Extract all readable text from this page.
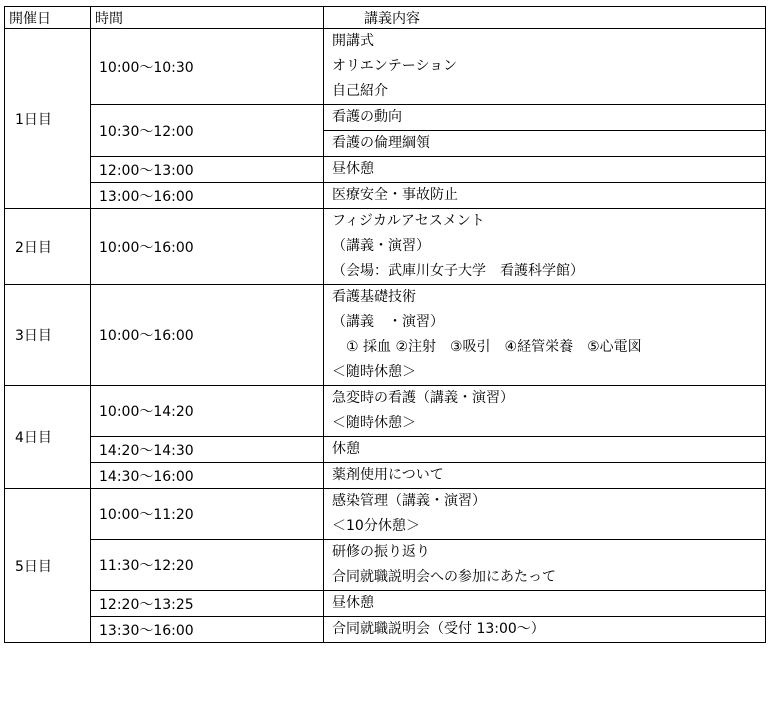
開催日	時間	講義内容
1日目	10:00～10:30	開講式
オリエンテーション
自己紹介

	10:30～12:00	看護の動向

		看護の倫理綱領

	12:00～13:00	昼休憩

	13:00～16:00	医療安全・事故防止

2日目	10:00～16:00	フィジカルアセスメント
（講義・演習）
（会場：武庫川女子大学　看護科学館）

3日目	10:00～16:00	看護基礎技術
（講義　・演習）
　① 採血 ②注射　③吸引　④経管栄養　⑤心電図
＜随時休憩＞

4日目	10:00～14:20	急変時の看護（講義・演習）
＜随時休憩＞

	14:20～14:30	休憩

	14:30～16:00	薬剤使用について

5日目	10:00～11:20	感染管理（講義・演習）
＜10分休憩＞

	11:30～12:20	研修の振り返り
合同就職説明会への参加にあたって

	12:20～13:25	昼休憩

	13:30～16:00	合同就職説明会（受付 13:00～）
